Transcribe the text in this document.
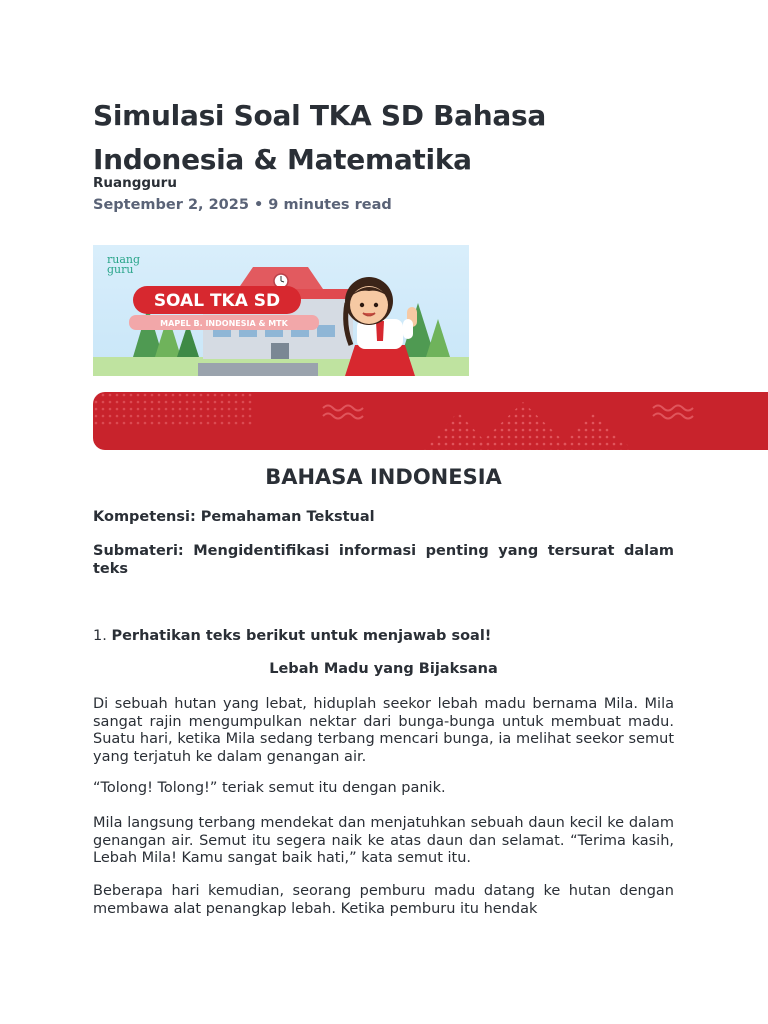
Simulasi Soal TKA SD Bahasa Indonesia & Matematika
Ruangguru
September 2, 2025 • 9 minutes read
SOAL TKA SD
MAPEL B. INDONESIA & MTK
ruang
guru
BAHASA INDONESIA

Kompetensi: Pemahaman Tekstual

Submateri: Mengidentifikasi informasi penting yang tersurat dalam teks

1. Perhatikan teks berikut untuk menjawab soal!

Lebah Madu yang Bijaksana

Di sebuah hutan yang lebat, hiduplah seekor lebah madu bernama Mila. Mila sangat rajin mengumpulkan nektar dari bunga-bunga untuk membuat madu. Suatu hari, ketika Mila sedang terbang mencari bunga, ia melihat seekor semut yang terjatuh ke dalam genangan air.

“Tolong! Tolong!” teriak semut itu dengan panik.

Mila langsung terbang mendekat dan menjatuhkan sebuah daun kecil ke dalam genangan air. Semut itu segera naik ke atas daun dan selamat. “Terima kasih, Lebah Mila! Kamu sangat baik hati,” kata semut itu.

Beberapa hari kemudian, seorang pemburu madu datang ke hutan dengan membawa alat penangkap lebah. Ketika pemburu itu hendak
